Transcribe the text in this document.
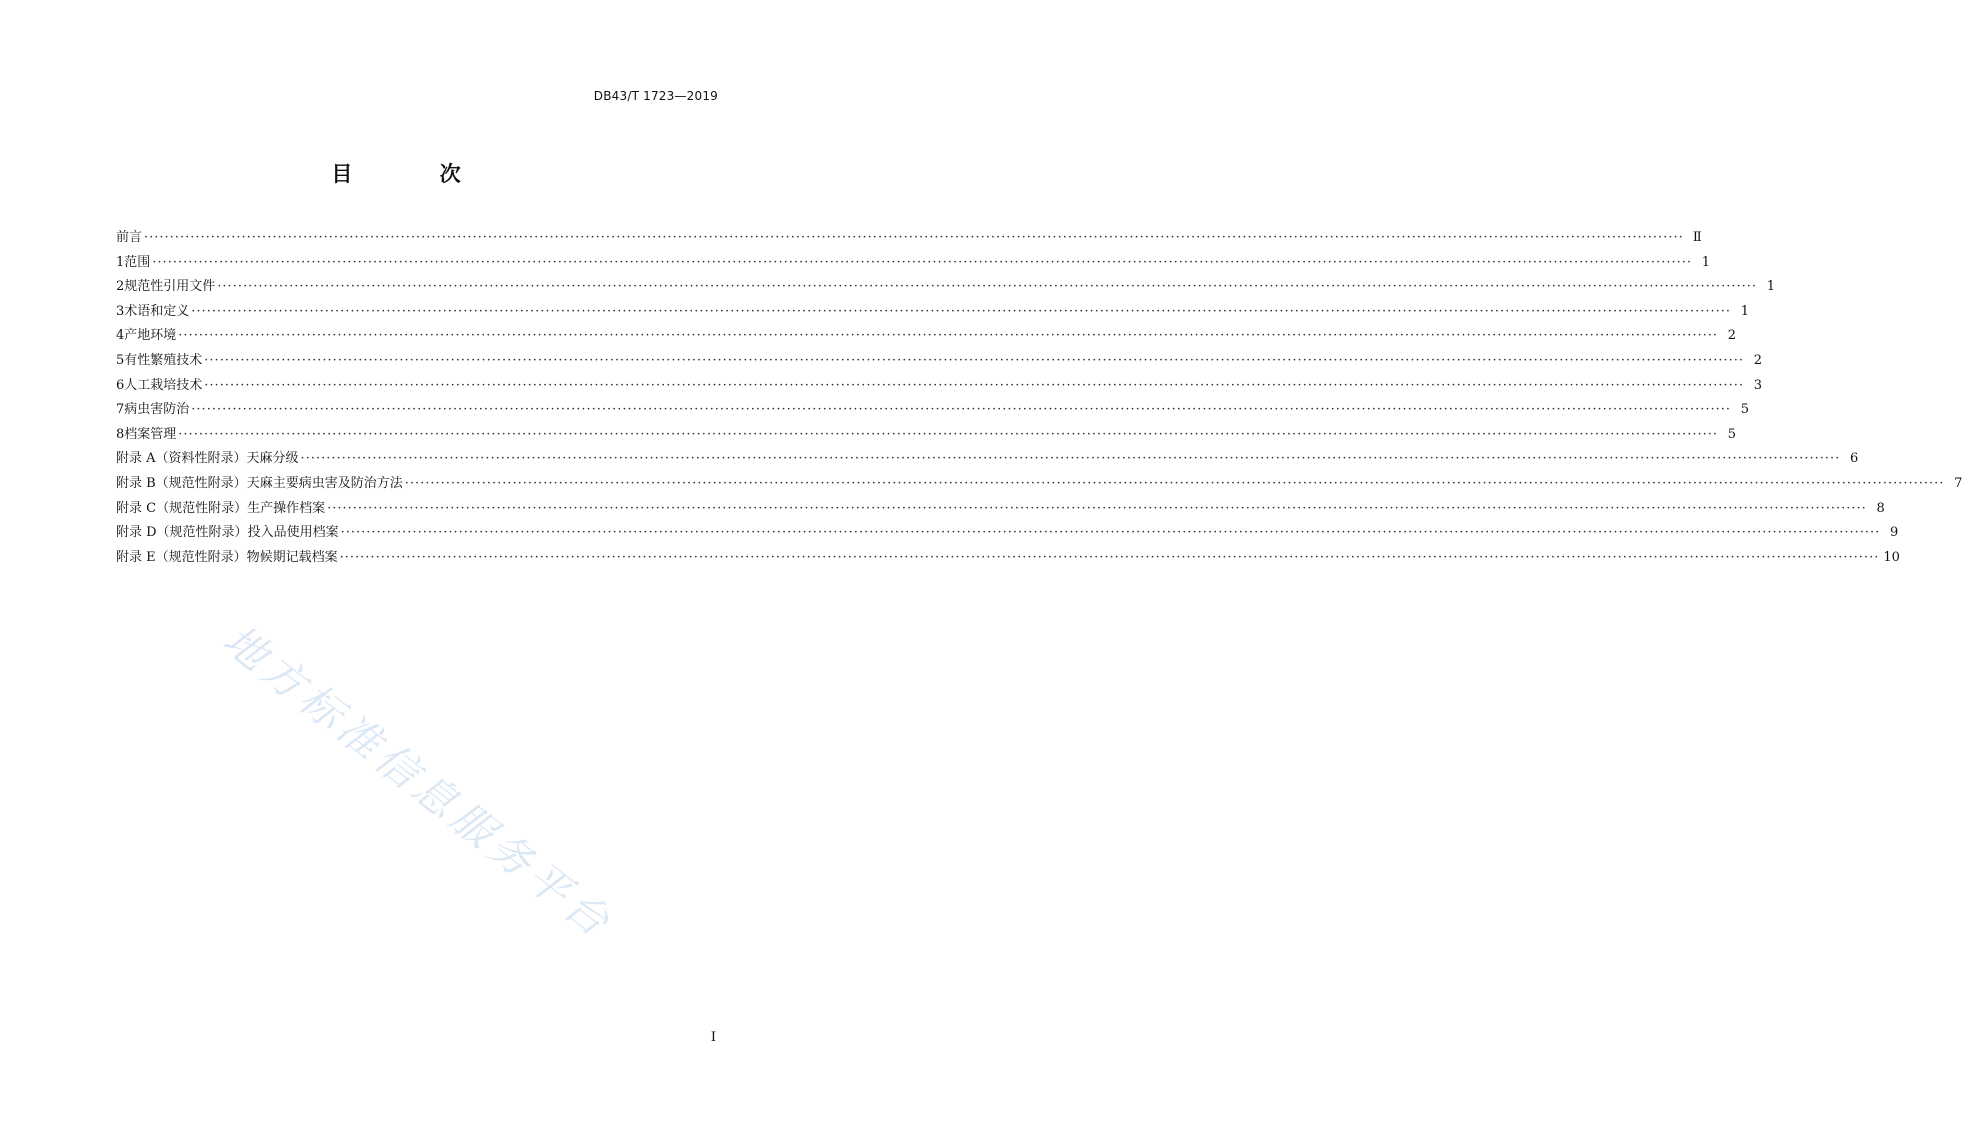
DB43/T 1723—2019
目 次
前言 ············································································································································································································································································································ Ⅱ
1 范围 ············································································································································································································································································································ 1
2 规范性引用文件 ············································································································································································································································································································ 1
3 术语和定义 ············································································································································································································································································································ 1
4 产地环境 ············································································································································································································································································································ 2
5 有性繁殖技术 ············································································································································································································································································································ 2
6 人工栽培技术 ············································································································································································································································································································ 3
7 病虫害防治 ············································································································································································································································································································ 5
8 档案管理 ············································································································································································································································································································ 5
附录 A（资料性附录） 天麻分级 ············································································································································································································································································································ 6
附录 B（规范性附录） 天麻主要病虫害及防治方法 ············································································································································································································································································································ 7
附录 C（规范性附录） 生产操作档案 ············································································································································································································································································································ 8
附录 D（规范性附录） 投入品使用档案 ············································································································································································································································································································ 9
附录 E（规范性附录） 物候期记载档案 ············································································································································································································································································································ 10
地方标准信息服务平台
I
